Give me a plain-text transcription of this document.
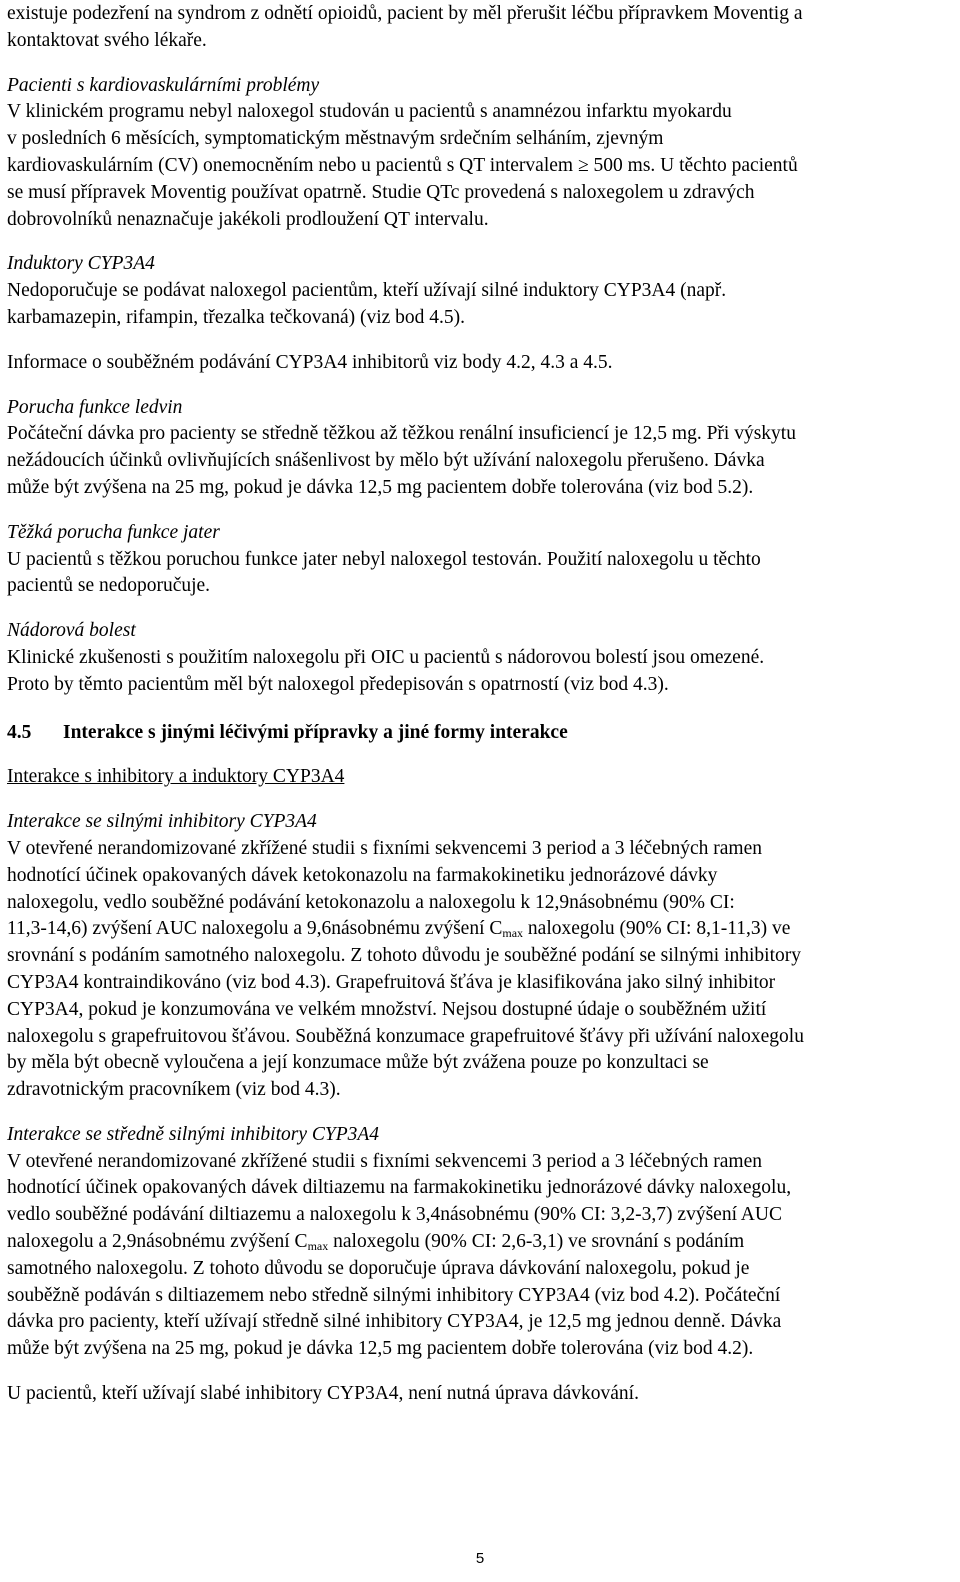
existuje podezření na syndrom z odnětí opioidů, pacient by měl přerušit léčbu přípravkem Moventig a
kontaktovat svého lékaře.
Pacienti s kardiovaskulárními problémy
V klinickém programu nebyl naloxegol studován u pacientů s anamnézou infarktu myokardu
v posledních 6 měsících, symptomatickým městnavým srdečním selháním, zjevným
kardiovaskulárním (CV) onemocněním nebo u pacientů s QT intervalem ≥ 500 ms. U těchto pacientů
se musí přípravek Moventig používat opatrně. Studie QTc provedená s naloxegolem u zdravých
dobrovolníků nenaznačuje jakékoli prodloužení QT intervalu.
Induktory CYP3A4
Nedoporučuje se podávat naloxegol pacientům, kteří užívají silné induktory CYP3A4 (např.
karbamazepin, rifampin, třezalka tečkovaná) (viz bod 4.5).
Informace o souběžném podávání CYP3A4 inhibitorů viz body 4.2, 4.3 a 4.5.
Porucha funkce ledvin
Počáteční dávka pro pacienty se středně těžkou až těžkou renální insuficiencí je 12,5 mg. Při výskytu
nežádoucích účinků ovlivňujících snášenlivost by mělo být užívání naloxegolu přerušeno. Dávka
může být zvýšena na 25 mg, pokud je dávka 12,5 mg pacientem dobře tolerována (viz bod 5.2).
Těžká porucha funkce jater
U pacientů s těžkou poruchou funkce jater nebyl naloxegol testován. Použití naloxegolu u těchto
pacientů se nedoporučuje.
Nádorová bolest
Klinické zkušenosti s použitím naloxegolu při OIC u pacientů s nádorovou bolestí jsou omezené.
Proto by těmto pacientům měl být naloxegol předepisován s opatrností (viz bod 4.3).
4.5 Interakce s jinými léčivými přípravky a jiné formy interakce
Interakce s inhibitory a induktory CYP3A4
Interakce se silnými inhibitory CYP3A4
V otevřené nerandomizované zkřížené studii s fixními sekvencemi 3 period a 3 léčebných ramen
hodnotící účinek opakovaných dávek ketokonazolu na farmakokinetiku jednorázové dávky
naloxegolu, vedlo souběžné podávání ketokonazolu a naloxegolu k 12,9násobnému (90% CI:
11,3-14,6) zvýšení AUC naloxegolu a 9,6násobnému zvýšení $C_{max}$ naloxegolu (90% CI: 8,1-11,3) ve
srovnání s podáním samotného naloxegolu. Z tohoto důvodu je souběžné podání se silnými inhibitory
CYP3A4 kontraindikováno (viz bod 4.3). Grapefruitová šťáva je klasifikována jako silný inhibitor
CYP3A4, pokud je konzumována ve velkém množství. Nejsou dostupné údaje o souběžném užití
naloxegolu s grapefruitovou šťávou. Souběžná konzumace grapefruitové šťávy při užívání naloxegolu
by měla být obecně vyloučena a její konzumace může být zvážena pouze po konzultaci se
zdravotnickým pracovníkem (viz bod 4.3).
Interakce se středně silnými inhibitory CYP3A4
V otevřené nerandomizované zkřížené studii s fixními sekvencemi 3 period a 3 léčebných ramen
hodnotící účinek opakovaných dávek diltiazemu na farmakokinetiku jednorázové dávky naloxegolu,
vedlo souběžné podávání diltiazemu a naloxegolu k 3,4násobnému (90% CI: 3,2-3,7) zvýšení AUC
naloxegolu a 2,9násobnému zvýšení $C_{max}$ naloxegolu (90% CI: 2,6-3,1) ve srovnání s podáním
samotného naloxegolu. Z tohoto důvodu se doporučuje úprava dávkování naloxegolu, pokud je
souběžně podáván s diltiazemem nebo středně silnými inhibitory CYP3A4 (viz bod 4.2). Počáteční
dávka pro pacienty, kteří užívají středně silné inhibitory CYP3A4, je 12,5 mg jednou denně. Dávka
může být zvýšena na 25 mg, pokud je dávka 12,5 mg pacientem dobře tolerována (viz bod 4.2).
U pacientů, kteří užívají slabé inhibitory CYP3A4, není nutná úprava dávkování.
5
